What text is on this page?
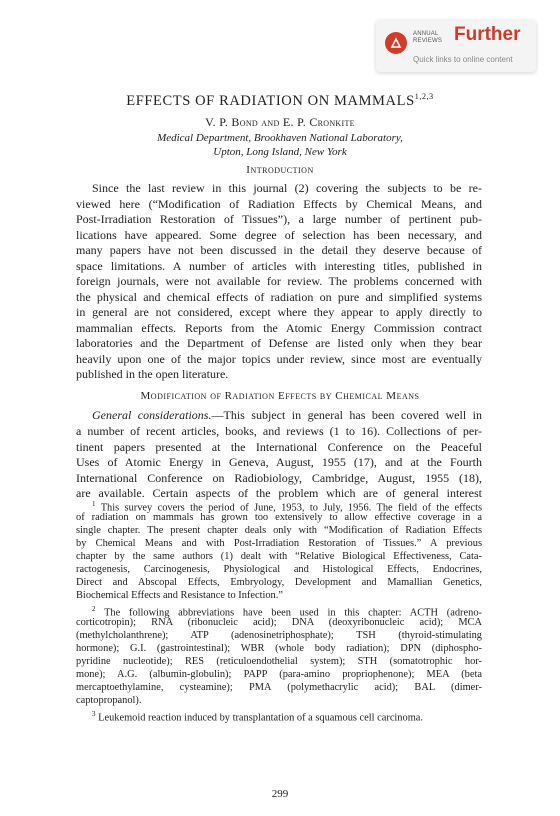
ANNUAL
REVIEWS Further
Quick links to online content
EFFECTS OF RADIATION ON MAMMALS$^{1,2,3}$
V. P. Bond and E. P. Cronkite
Medical Department, Brookhaven National Laboratory,
Upton, Long Island, New York
Introduction
Since the last review in this journal (2) covering the subjects to be re-
viewed here (“Modification of Radiation Effects by Chemical Means, and
Post-Irradiation Restoration of Tissues”), a large number of pertinent pub-
lications have appeared. Some degree of selection has been necessary, and
many papers have not been discussed in the detail they deserve because of
space limitations. A number of articles with interesting titles, published in
foreign journals, were not available for review. The problems concerned with
the physical and chemical effects of radiation on pure and simplified systems
in general are not considered, except where they appear to apply directly to
mammalian effects. Reports from the Atomic Energy Commission contract
laboratories and the Department of Defense are listed only when they bear
heavily upon one of the major topics under review, since most are eventually
published in the open literature.
Modification of Radiation Effects by Chemical Means
General considerations.—This subject in general has been covered well in
a number of recent articles, books, and reviews (1 to 16). Collections of per-
tinent papers presented at the International Conference on the Peaceful
Uses of Atomic Energy in Geneva, August, 1955 (17), and at the Fourth
International Conference on Radiobiology, Cambridge, August, 1955 (18),
are available. Certain aspects of the problem which are of general interest
$^1$ This survey covers the period of June, 1953, to July, 1956. The field of the effects
of radiation on mammals has grown too extensively to allow effective coverage in a
single chapter. The present chapter deals only with “Modification of Radiation Effects
by Chemical Means and with Post-Irradiation Restoration of Tissues.” A previous
chapter by the same authors (1) dealt with “Relative Biological Effectiveness, Cata-
ractogenesis, Carcinogenesis, Physiological and Histological Effects, Endocrines,
Direct and Abscopal Effects, Embryology, Development and Mamallian Genetics,
Biochemical Effects and Resistance to Infection.”
$^2$ The following abbreviations have been used in this chapter: ACTH (adreno-
corticotropin); RNA (ribonucleic acid); DNA (deoxyribonucleic acid); MCA
(methylcholanthrene); ATP (adenosinetriphosphate); TSH (thyroid-stimulating
hormone); G.I. (gastrointestinal); WBR (whole body radiation); DPN (diphospho-
pyridine nucleotide); RES (reticuloendothelial system); STH (somatotrophic hor-
mone); A.G. (albumin-globulin); PAPP (para-amino propriophenone); MEA (beta
mercaptoethylamine, cysteamine); PMA (polymethacrylic acid); BAL (dimer-
captopropanol).
$^3$ Leukemoid reaction induced by transplantation of a squamous cell carcinoma.
299
